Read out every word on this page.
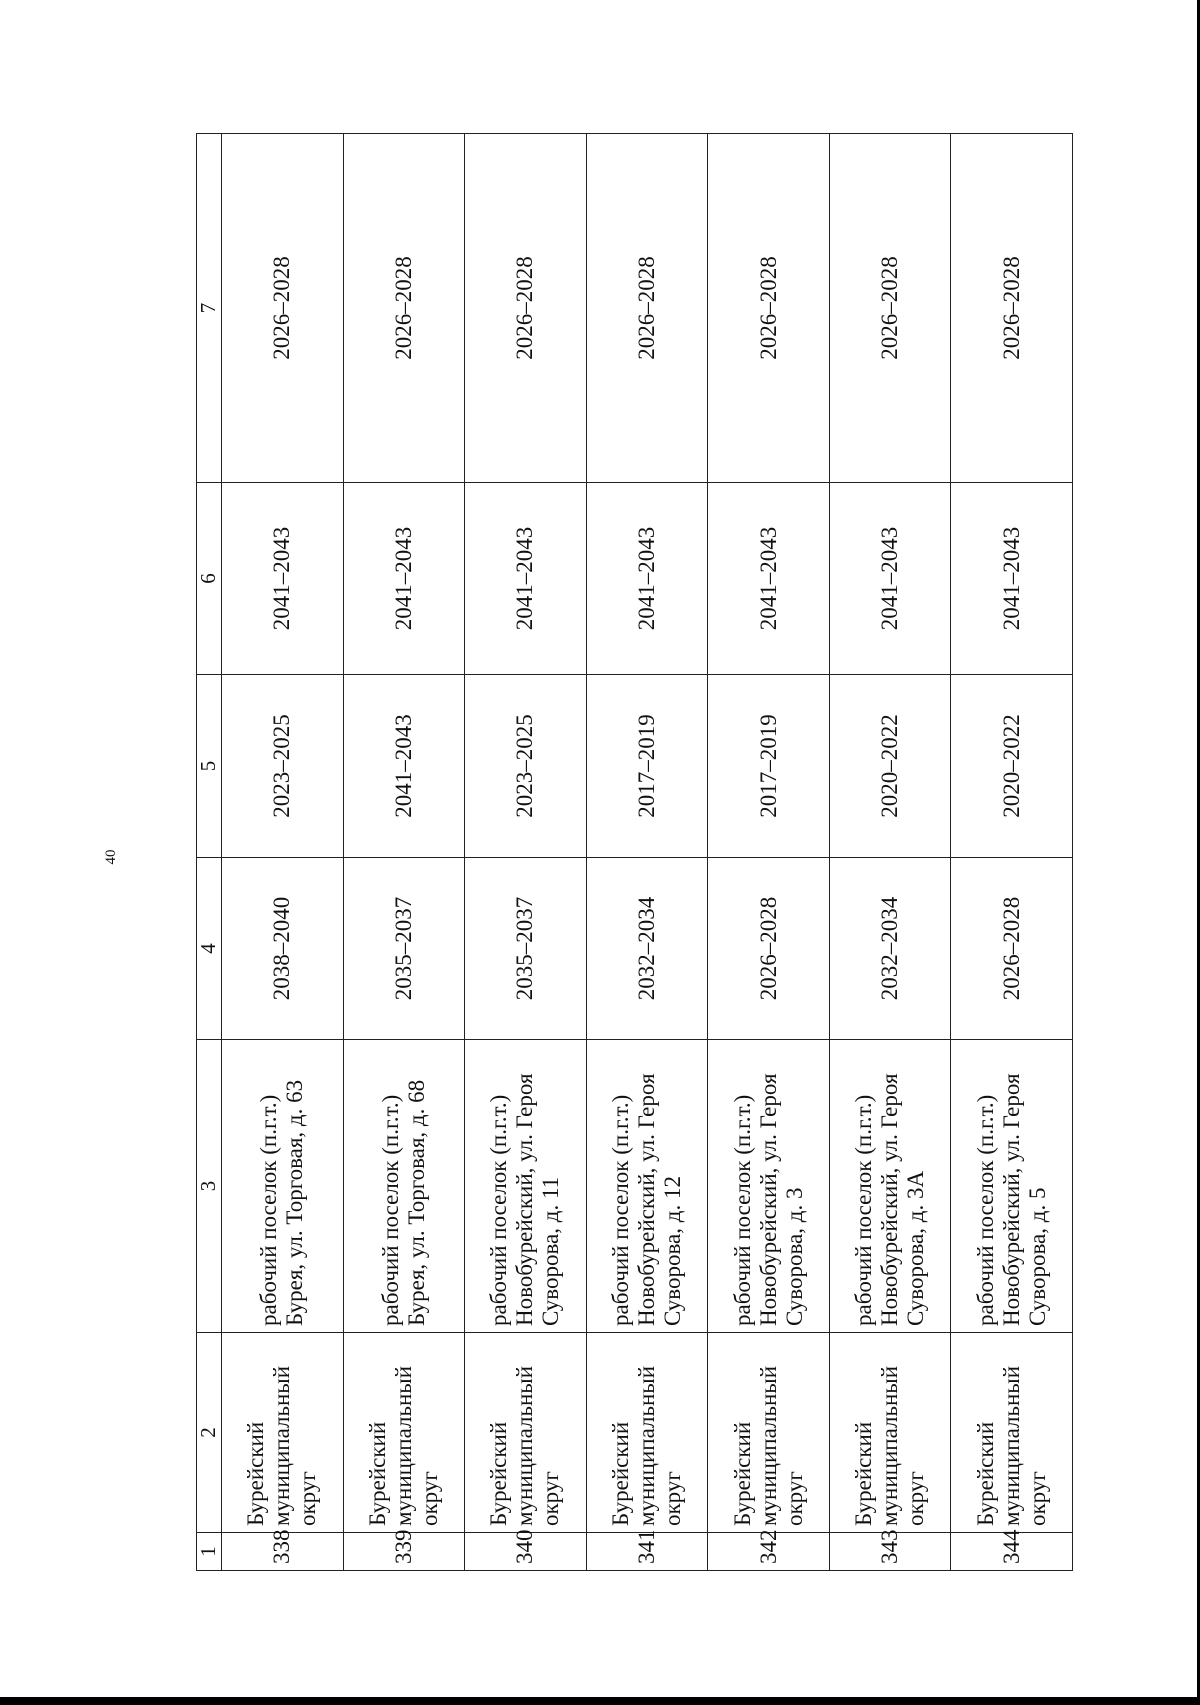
40
1	2	3	4	5	6	7
338	Бурейский муниципальный округ	рабочий поселок (п.г.т.) Бурея, ул. Торговая, д. 63	2038–2040	2023–2025	2041–2043	2026–2028
339	Бурейский муниципальный округ	рабочий поселок (п.г.т.) Бурея, ул. Торговая, д. 68	2035–2037	2041–2043	2041–2043	2026–2028
340	Бурейский муниципальный округ	рабочий поселок (п.г.т.) Новобурейский, ул. Героя Суворова, д. 11	2035–2037	2023–2025	2041–2043	2026–2028
341	Бурейский муниципальный округ	рабочий поселок (п.г.т.) Новобурейский, ул. Героя Суворова, д. 12	2032–2034	2017–2019	2041–2043	2026–2028
342	Бурейский муниципальный округ	рабочий поселок (п.г.т.) Новобурейский, ул. Героя Суворова, д. 3	2026–2028	2017–2019	2041–2043	2026–2028
343	Бурейский муниципальный округ	рабочий поселок (п.г.т.) Новобурейский, ул. Героя Суворова, д. 3А	2032–2034	2020–2022	2041–2043	2026–2028
344	Бурейский муниципальный округ	рабочий поселок (п.г.т.) Новобурейский, ул. Героя Суворова, д. 5	2026–2028	2020–2022	2041–2043	2026–2028
